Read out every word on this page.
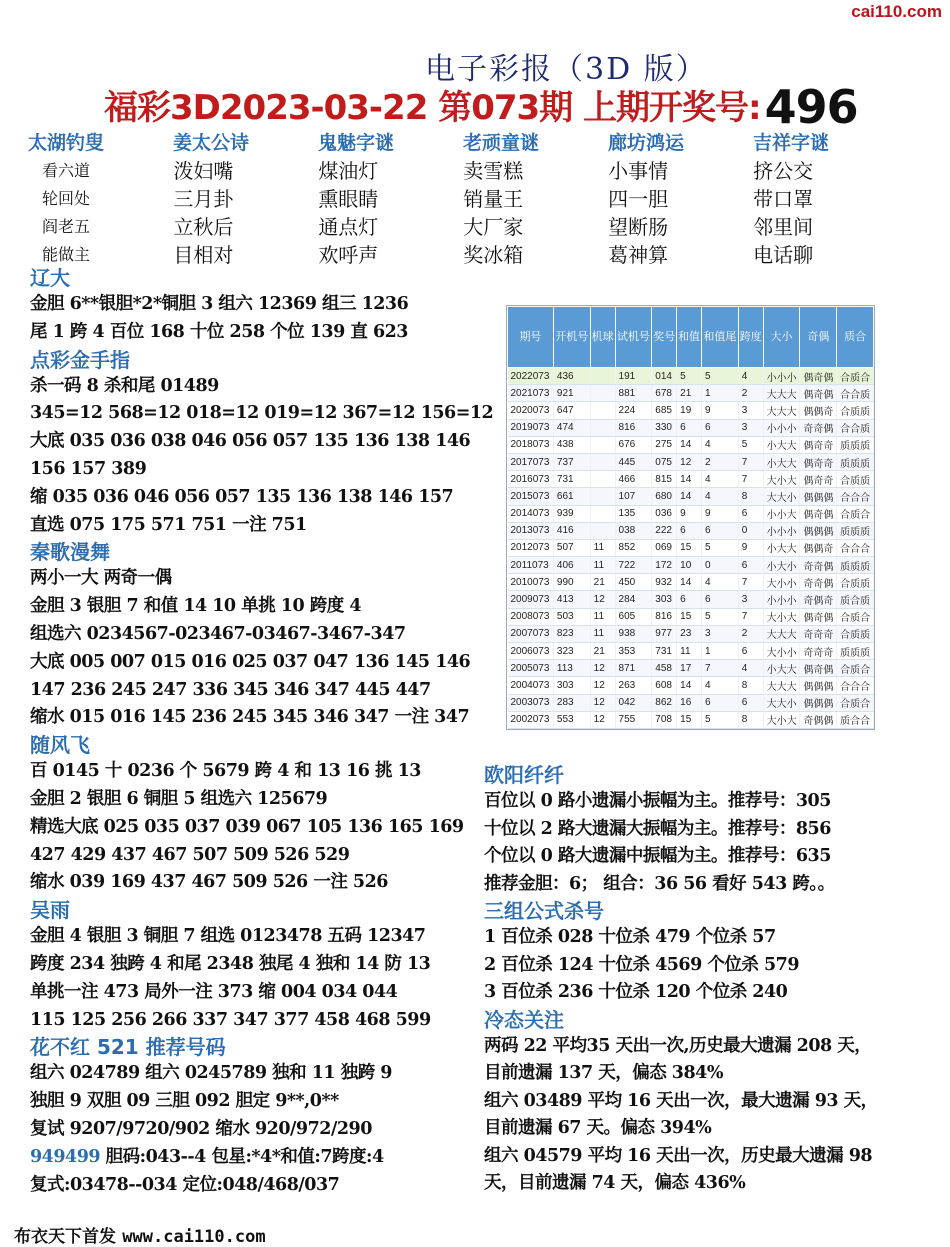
cai110.com
电子彩报（3D 版）
福彩3D2023-03-22 第073期 上期开奖号:496
太湖钓叟	姜太公诗	鬼魅字谜	老顽童谜	廊坊鸿运	吉祥字谜
看六道	泼妇嘴	煤油灯	卖雪糕	小事情	挤公交
轮回处	三月卦	熏眼睛	销量王	四一胆	带口罩
阎老五	立秋后	通点灯	大厂家	望断肠	邻里间
能做主	目相对	欢呼声	奖冰箱	葛神算	电话聊
辽大
金胆 6**银胆*2*铜胆 3 组六 12369 组三 1236
尾 1 跨 4 百位 168 十位 258 个位 139 直 623
点彩金手指
杀一码 8 杀和尾 01489
345=12 568=12 018=12 019=12 367=12 156=12
大底 035 036 038 046 056 057 135 136 138 146
156 157 389
缩 035 036 046 056 057 135 136 138 146 157
直选 075 175 571 751 一注 751
秦歌漫舞
两小一大 两奇一偶
金胆 3 银胆 7 和值 14 10 单挑 10 跨度 4
组选六 0234567-023467-03467-3467-347
大底 005 007 015 016 025 037 047 136 145 146
147 236 245 247 336 345 346 347 445 447
缩水 015 016 145 236 245 345 346 347 一注 347
随风飞
百 0145 十 0236 个 5679 跨 4 和 13 16 挑 13
金胆 2 银胆 6 铜胆 5 组选六 125679
精选大底 025 035 037 039 067 105 136 165 169
427 429 437 467 507 509 526 529
缩水 039 169 437 467 509 526 一注 526
吴雨
金胆 4 银胆 3 铜胆 7 组选 0123478 五码 12347
跨度 234 独跨 4 和尾 2348 独尾 4 独和 14 防 13
单挑一注 473 局外一注 373 缩 004 034 044
115 125 256 266 337 347 377 458 468 599
花不红 521 推荐号码
组六 024789 组六 0245789 独和 11 独跨 9
独胆 9 双胆 09 三胆 092 胆定 9**,0**
复试 9207/9720/902 缩水 920/972/290
949499 胆码:043--4 包星:*4*和值:7跨度:4
复式:03478--034 定位:048/468/037
欧阳纤纤
百位以 0 路小遗漏小振幅为主。推荐号：305
十位以 2 路大遗漏大振幅为主。推荐号：856
个位以 0 路大遗漏中振幅为主。推荐号：635
推荐金胆：6； 组合：36 56 看好 543 跨。。
三组公式杀号
1 百位杀 028 十位杀 479 个位杀 57
2 百位杀 124 十位杀 4569 个位杀 579
3 百位杀 236 十位杀 120 个位杀 240
冷态关注
两码 22 平均35 天出一次,历史最大遗漏 208 天，
目前遗漏 137 天，偏态 384%
组六 03489 平均 16 天出一次，最大遗漏 93 天，
目前遗漏 67 天。偏态 394%
组六 04579 平均 16 天出一次，历史最大遗漏 98
天，目前遗漏 74 天，偏态 436%
期号	开机号	机球	试机号	奖号	和值	和值尾	跨度	大小	奇偶	质合
2022073	436		191	014	5	5	4	小小小	偶奇偶	合质合
2021073	921		881	678	21	1	2	大大大	偶奇偶	合合质
2020073	647		224	685	19	9	3	大大大	偶偶奇	合质质
2019073	474		816	330	6	6	3	小小小	奇奇偶	合合质
2018073	438		676	275	14	4	5	小大大	偶奇奇	质质质
2017073	737		445	075	12	2	7	小大大	偶奇奇	质质质
2016073	731		466	815	14	4	7	大小大	偶奇奇	合质质
2015073	661		107	680	14	4	8	大大小	偶偶偶	合合合
2014073	939		135	036	9	9	6	小小大	偶奇偶	合质合
2013073	416		038	222	6	6	0	小小小	偶偶偶	质质质
2012073	507	11	852	069	15	5	9	小大大	偶偶奇	合合合
2011073	406	11	722	172	10	0	6	小大小	奇奇偶	质质质
2010073	990	21	450	932	14	4	7	大小小	奇奇偶	合质质
2009073	413	12	284	303	6	6	3	小小小	奇偶奇	质合质
2008073	503	11	605	816	15	5	7	大小大	偶奇偶	合质合
2007073	823	11	938	977	23	3	2	大大大	奇奇奇	合质质
2006073	323	21	353	731	11	1	6	大小小	奇奇奇	质质质
2005073	113	12	871	458	17	7	4	小大大	偶奇偶	合质合
2004073	303	12	263	608	14	4	8	大大大	偶偶偶	合合合
2003073	283	12	042	862	16	6	6	大大小	偶偶偶	合质合
2002073	553	12	755	708	15	5	8	大小大	奇偶偶	质合合
布衣天下首发 www.cai110.com
